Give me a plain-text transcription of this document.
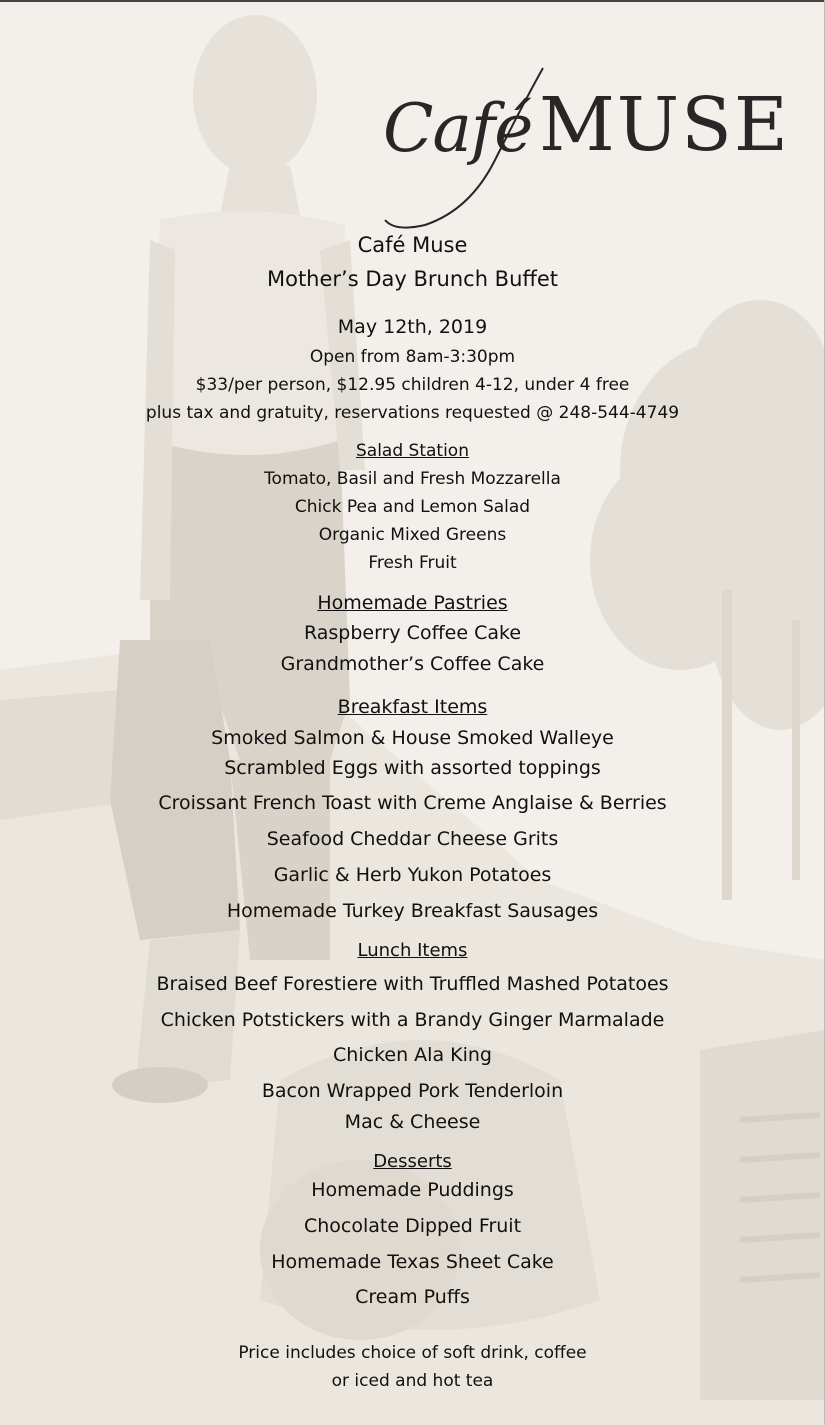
Café MUSE
Café Muse
Mother’s Day Brunch Buffet
May 12th, 2019
Open from 8am-3:30pm
$33/per person, $12.95 children 4-12, under 4 free
plus tax and gratuity, reservations requested @ 248-544-4749
Salad Station
Tomato, Basil and Fresh Mozzarella
Chick Pea and Lemon Salad
Organic Mixed Greens
Fresh Fruit
Homemade Pastries
Raspberry Coffee Cake
Grandmother’s Coffee Cake
Breakfast Items
Smoked Salmon & House Smoked Walleye
Scrambled Eggs with assorted toppings
Croissant French Toast with Creme Anglaise & Berries
Seafood Cheddar Cheese Grits
Garlic & Herb Yukon Potatoes
Homemade Turkey Breakfast Sausages
Lunch Items
Braised Beef Forestiere with Truffled Mashed Potatoes
Chicken Potstickers with a Brandy Ginger Marmalade
Chicken Ala King
Bacon Wrapped Pork Tenderloin
Mac & Cheese
Desserts
Homemade Puddings
Chocolate Dipped Fruit
Homemade Texas Sheet Cake
Cream Puffs
Price includes choice of soft drink, coffee
or iced and hot tea
